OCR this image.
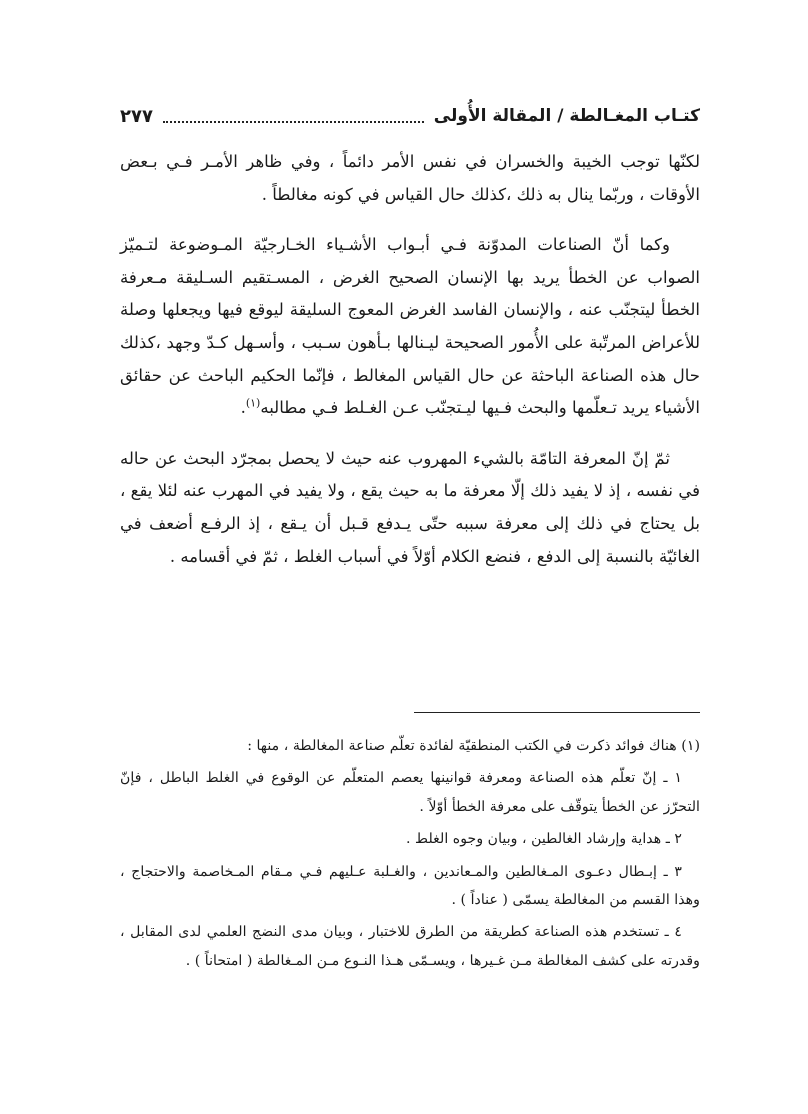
كتـاب المغـالطة / المقالة الأُولى
٢٧٧

لكنّها توجب الخيبة والخسران في نفس الأمر دائماً ، وفي ظاهر الأمـر فـي بـعض الأوقات ، وربّما ينال به ذلك ،كذلك حال القياس في كونه مغالطاً .

وكما أنّ الصناعات المدوّنة فـي أبـواب الأشـياء الخـارجيّة المـوضوعة لتـميّز الصواب عن الخطأ يريد بها الإنسان الصحيح الغرض ، المسـتقيم السـليقة مـعرفة الخطأ ليتجنّب عنه ، والإنسان الفاسد الغرض المعوج السليقة ليوقع فيها ويجعلها وصلة للأعراض المرتّبة على الأُمور الصحيحة ليـنالها بـأهون سـبب ، وأسـهل كـدّ وجهد ،كذلك حال هذه الصناعة الباحثة عن حال القياس المغالط ، فإنّما الحكيم الباحث عن حقائق الأشياء يريد تـعلّمها والبحث فـيها ليـتجنّب عـن الغـلط فـي مطالبه$^{(١)}$.

ثمّ إنّ المعرفة التامّة بالشيء المهروب عنه حيث لا يحصل بمجرّد البحث عن حاله في نفسه ، إذ لا يفيد ذلك إلّا معرفة ما به حيث يقع ، ولا يفيد في المهرب عنه لئلا يقع ، بل يحتاج في ذلك إلى معرفة سببه حتّى يـدفع قـبل أن يـقع ، إذ الرفـع أضعف في الغائيّة بالنسبة إلى الدفع ، فنضع الكلام أوّلاً في أسباب الغلط ، ثمّ في أقسامه .

(١) هناك فوائد ذكرت في الكتب المنطقيّة لفائدة تعلّم صناعة المغالطة ، منها :

١ ـ إنّ تعلّم هذه الصناعة ومعرفة قوانينها يعصم المتعلّم عن الوقوع في الغلط الباطل ، فإنّ التحرّز عن الخطأ يتوقّف على معرفة الخطأ أوّلاً .

٢ ـ هداية وإرشاد الغالطين ، وبيان وجوه الغلط .

٣ ـ إبـطال دعـوى المـغالطين والمـعاندين ، والغـلبة عـليهم فـي مـقام المـخاصمة والاحتجاج ، وهذا القسم من المغالطة يسمّى ( عناداً ) .

٤ ـ تستخدم هذه الصناعة كطريقة من الطرق للاختبار ، وبيان مدى النضج العلمي لدى المقابل ، وقدرته على كشف المغالطة مـن غـيرها ، ويسـمّى هـذا النـوع مـن المـغالطة ( امتحاناً ) .
